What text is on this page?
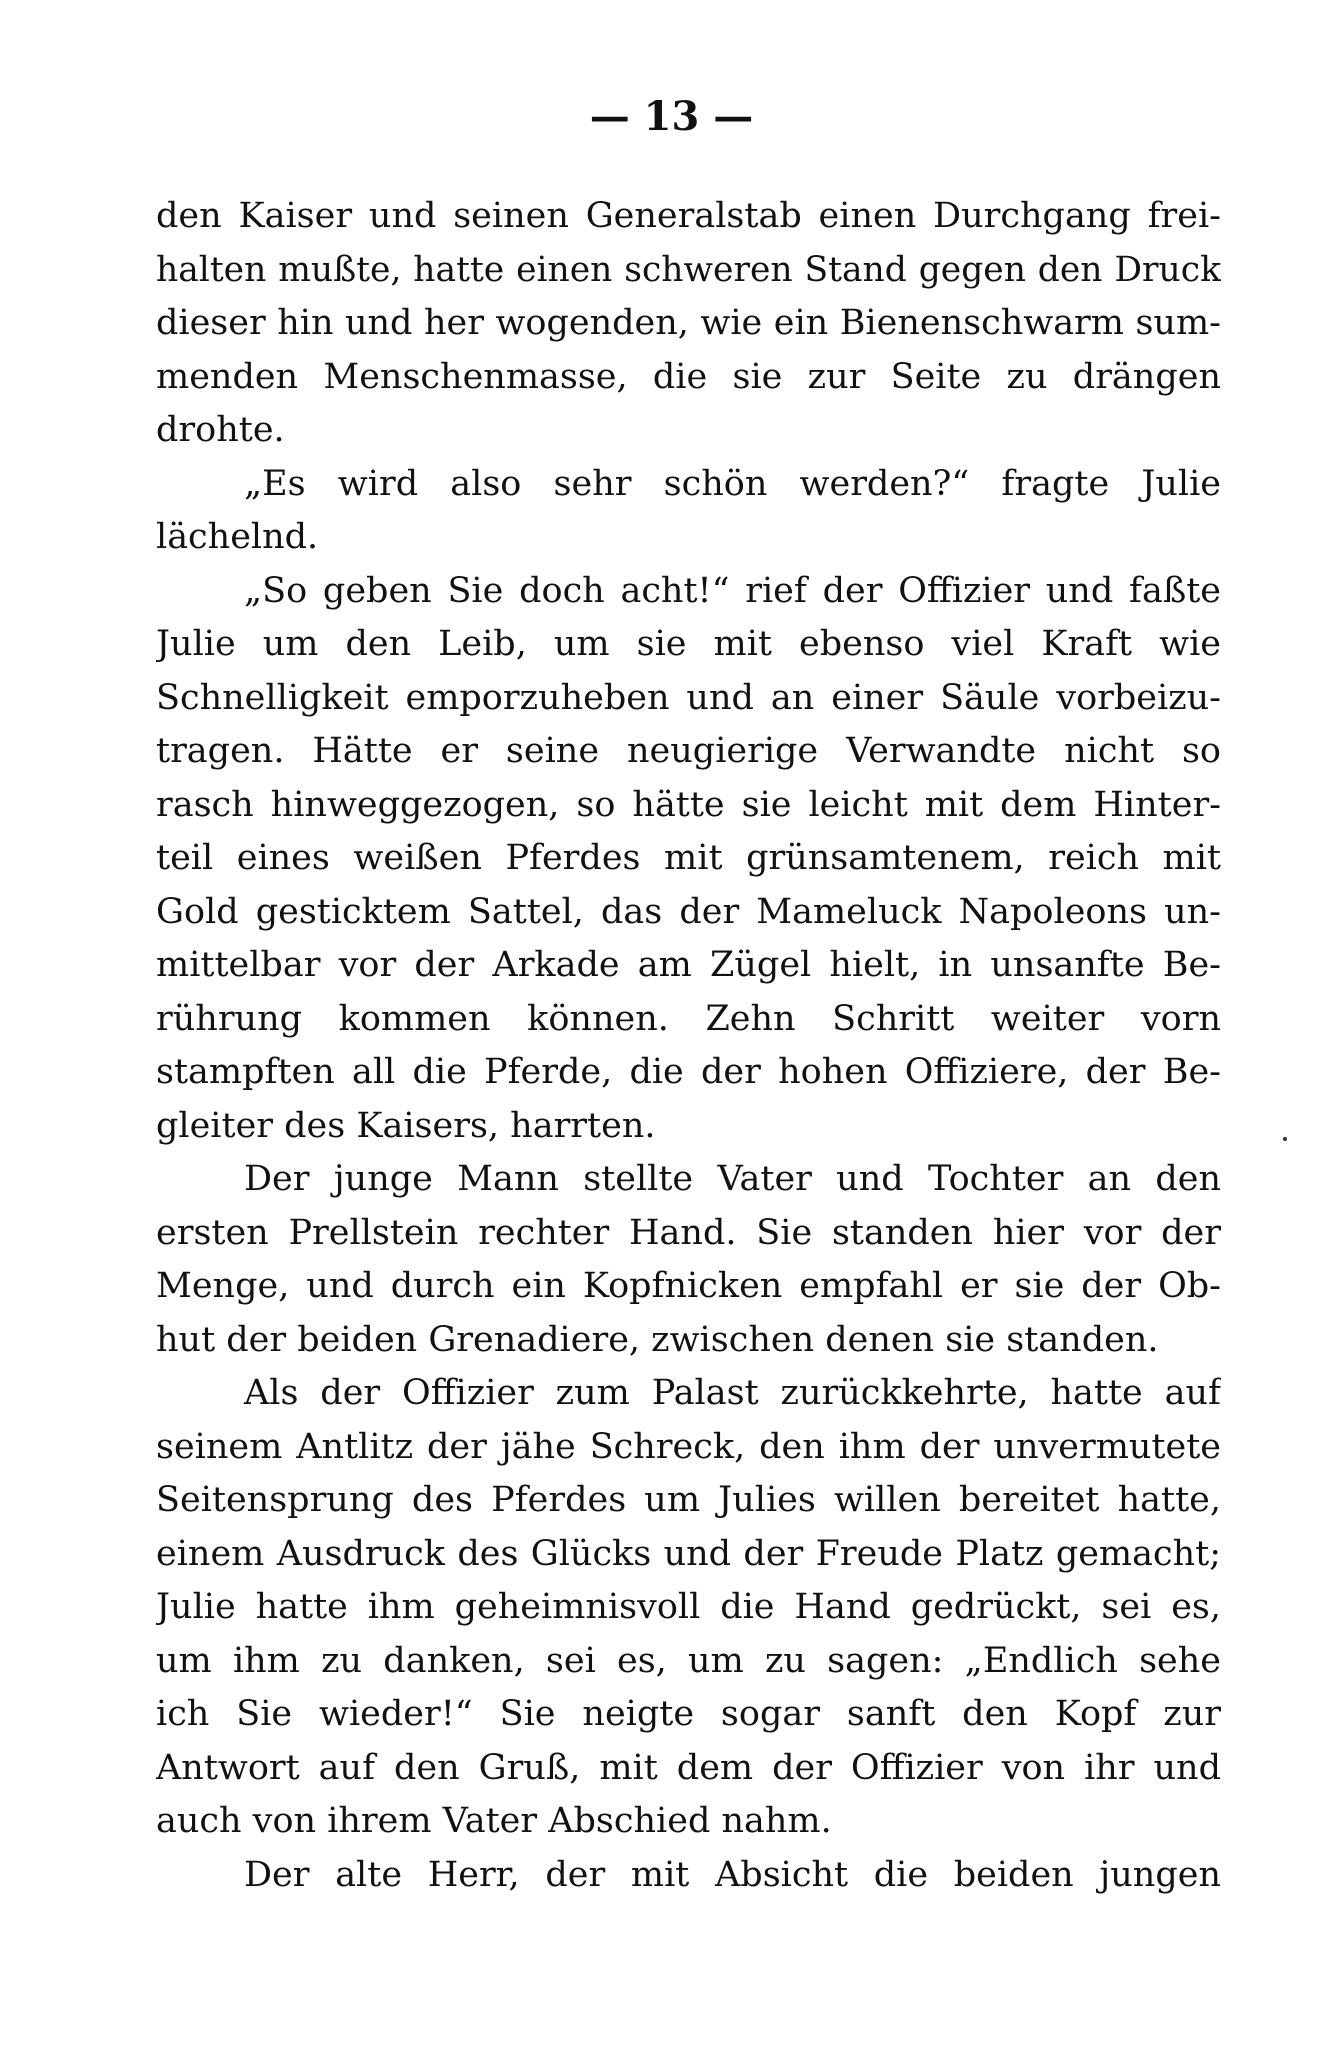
— 13 —
den Kaiser und seinen Generalstab einen Durchgang frei-
halten mußte, hatte einen schweren Stand gegen den Druck
dieser hin und her wogenden, wie ein Bienenschwarm sum-
menden Menschenmasse, die sie zur Seite zu drängen
drohte.
„Es wird also sehr schön werden?“ fragte Julie
lächelnd.
„So geben Sie doch acht!“ rief der Offizier und faßte
Julie um den Leib, um sie mit ebenso viel Kraft wie
Schnelligkeit emporzuheben und an einer Säule vorbeizu-
tragen. Hätte er seine neugierige Verwandte nicht so
rasch hinweggezogen, so hätte sie leicht mit dem Hinter-
teil eines weißen Pferdes mit grünsamtenem, reich mit
Gold gesticktem Sattel, das der Mameluck Napoleons un-
mittelbar vor der Arkade am Zügel hielt, in unsanfte Be-
rührung kommen können. Zehn Schritt weiter vorn
stampften all die Pferde, die der hohen Offiziere, der Be-
gleiter des Kaisers, harrten.
Der junge Mann stellte Vater und Tochter an den
ersten Prellstein rechter Hand. Sie standen hier vor der
Menge, und durch ein Kopfnicken empfahl er sie der Ob-
hut der beiden Grenadiere, zwischen denen sie standen.
Als der Offizier zum Palast zurückkehrte, hatte auf
seinem Antlitz der jähe Schreck, den ihm der unvermutete
Seitensprung des Pferdes um Julies willen bereitet hatte,
einem Ausdruck des Glücks und der Freude Platz gemacht;
Julie hatte ihm geheimnisvoll die Hand gedrückt, sei es,
um ihm zu danken, sei es, um zu sagen: „Endlich sehe
ich Sie wieder!“ Sie neigte sogar sanft den Kopf zur
Antwort auf den Gruß, mit dem der Offizier von ihr und
auch von ihrem Vater Abschied nahm.
Der alte Herr, der mit Absicht die beiden jungen
